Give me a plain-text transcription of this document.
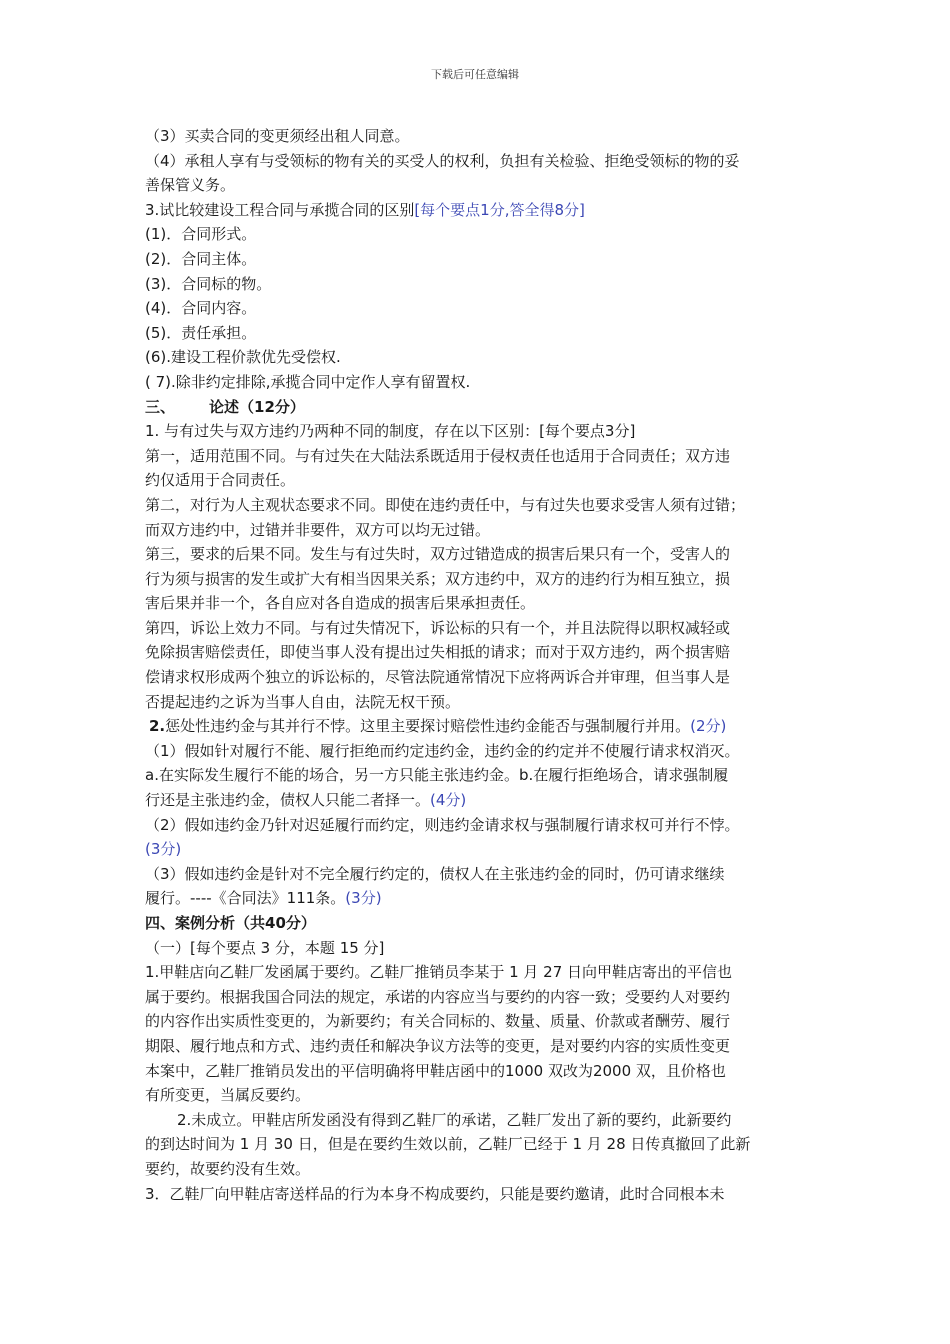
下载后可任意编辑
（3）买卖合同的变更须经出租人同意。
（4）承租人享有与受领标的物有关的买受人的权利，负担有关检验、拒绝受领标的物的妥
善保管义务。
3.试比较建设工程合同与承揽合同的区别[每个要点1分,答全得8分]
(1)．合同形式。
(2)．合同主体。
(3)．合同标的物。
(4)．合同内容。
(5)．责任承担。
(6).建设工程价款优先受偿权.
( 7).除非约定排除,承揽合同中定作人享有留置权.
三、 论述（12分）
1. 与有过失与双方违约乃两种不同的制度，存在以下区别：[每个要点3分]
第一，适用范围不同。与有过失在大陆法系既适用于侵权责任也适用于合同责任；双方违
约仅适用于合同责任。
第二，对行为人主观状态要求不同。即使在违约责任中，与有过失也要求受害人须有过错；
而双方违约中，过错并非要件，双方可以均无过错。
第三，要求的后果不同。发生与有过失时，双方过错造成的损害后果只有一个，受害人的
行为须与损害的发生或扩大有相当因果关系；双方违约中，双方的违约行为相互独立，损
害后果并非一个，各自应对各自造成的损害后果承担责任。
第四，诉讼上效力不同。与有过失情况下，诉讼标的只有一个，并且法院得以职权减轻或
免除损害赔偿责任，即使当事人没有提出过失相抵的请求；而对于双方违约，两个损害赔
偿请求权形成两个独立的诉讼标的，尽管法院通常情况下应将两诉合并审理，但当事人是
否提起违约之诉为当事人自由，法院无权干预。
2.惩处性违约金与其并行不悖。这里主要探讨赔偿性违约金能否与强制履行并用。(2分)
（1）假如针对履行不能、履行拒绝而约定违约金，违约金的约定并不使履行请求权消灭。
a.在实际发生履行不能的场合，另一方只能主张违约金。b.在履行拒绝场合，请求强制履
行还是主张违约金，债权人只能二者择一。(4分)
（2）假如违约金乃针对迟延履行而约定，则违约金请求权与强制履行请求权可并行不悖。
(3分)
（3）假如违约金是针对不完全履行约定的，债权人在主张违约金的同时，仍可请求继续
履行。----《合同法》111条。(3分)
四、案例分析（共40分）
（一）[每个要点 3 分，本题 15 分]
1.甲鞋店向乙鞋厂发函属于要约。乙鞋厂推销员李某于 1 月 27 日向甲鞋店寄出的平信也
属于要约。根据我国合同法的规定，承诺的内容应当与要约的内容一致；受要约人对要约
的内容作出实质性变更的，为新要约；有关合同标的、数量、质量、价款或者酬劳、履行
期限、履行地点和方式、违约责任和解决争议方法等的变更，是对要约内容的实质性变更
本案中，乙鞋厂推销员发出的平信明确将甲鞋店函中的1000 双改为2000 双，且价格也
有所变更，当属反要约。
2.未成立。甲鞋店所发函没有得到乙鞋厂的承诺，乙鞋厂发出了新的要约，此新要约
的到达时间为 1 月 30 日，但是在要约生效以前，乙鞋厂已经于 1 月 28 日传真撤回了此新
要约，故要约没有生效。
3．乙鞋厂向甲鞋店寄送样品的行为本身不构成要约，只能是要约邀请，此时合同根本未
